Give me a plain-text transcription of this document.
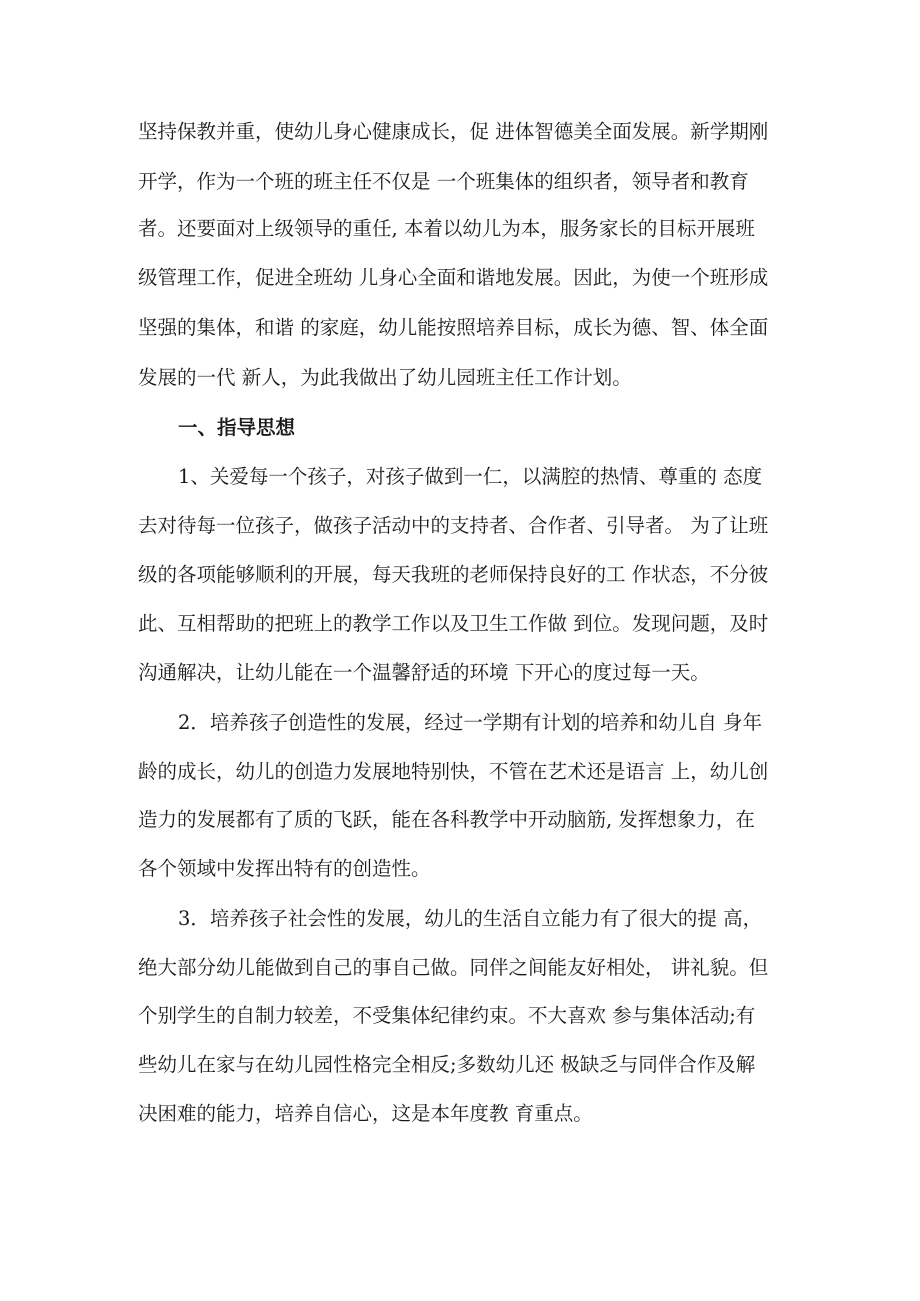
坚持保教并重，使幼儿身心健康成长，促 进体智德美全面发展。新学期刚
开学，作为一个班的班主任不仅是 一个班集体的组织者，领导者和教育
者。还要面对上级领导的重任, 本着以幼儿为本，服务家长的目标开展班
级管理工作，促进全班幼 儿身心全面和谐地发展。因此，为使一个班形成
坚强的集体，和谐 的家庭，幼儿能按照培养目标，成长为德、智、体全面
发展的一代 新人，为此我做出了幼儿园班主任工作计划。
一、指导思想
1、关爱每一个孩子，对孩子做到一仁，以满腔的热情、尊重的 态度
去对待每一位孩子，做孩子活动中的支持者、合作者、引导者。 为了让班
级的各项能够顺利的开展，每天我班的老师保持良好的工 作状态，不分彼
此、互相帮助的把班上的教学工作以及卫生工作做 到位。发现问题，及时
沟通解决，让幼儿能在一个温馨舒适的环境 下开心的度过每一天。
2．培养孩子创造性的发展，经过一学期有计划的培养和幼儿自 身年
龄的成长，幼儿的创造力发展地特别快，不管在艺术还是语言 上，幼儿创
造力的发展都有了质的飞跃，能在各科教学中开动脑筋, 发挥想象力，在
各个领域中发挥出特有的创造性。
3．培养孩子社会性的发展，幼儿的生活自立能力有了很大的提 高，
绝大部分幼儿能做到自己的事自己做。同伴之间能友好相处， 讲礼貌。但
个别学生的自制力较差，不受集体纪律约束。不大喜欢 参与集体活动;有
些幼儿在家与在幼儿园性格完全相反;多数幼儿还 极缺乏与同伴合作及解
决困难的能力，培养自信心，这是本年度教 育重点。
